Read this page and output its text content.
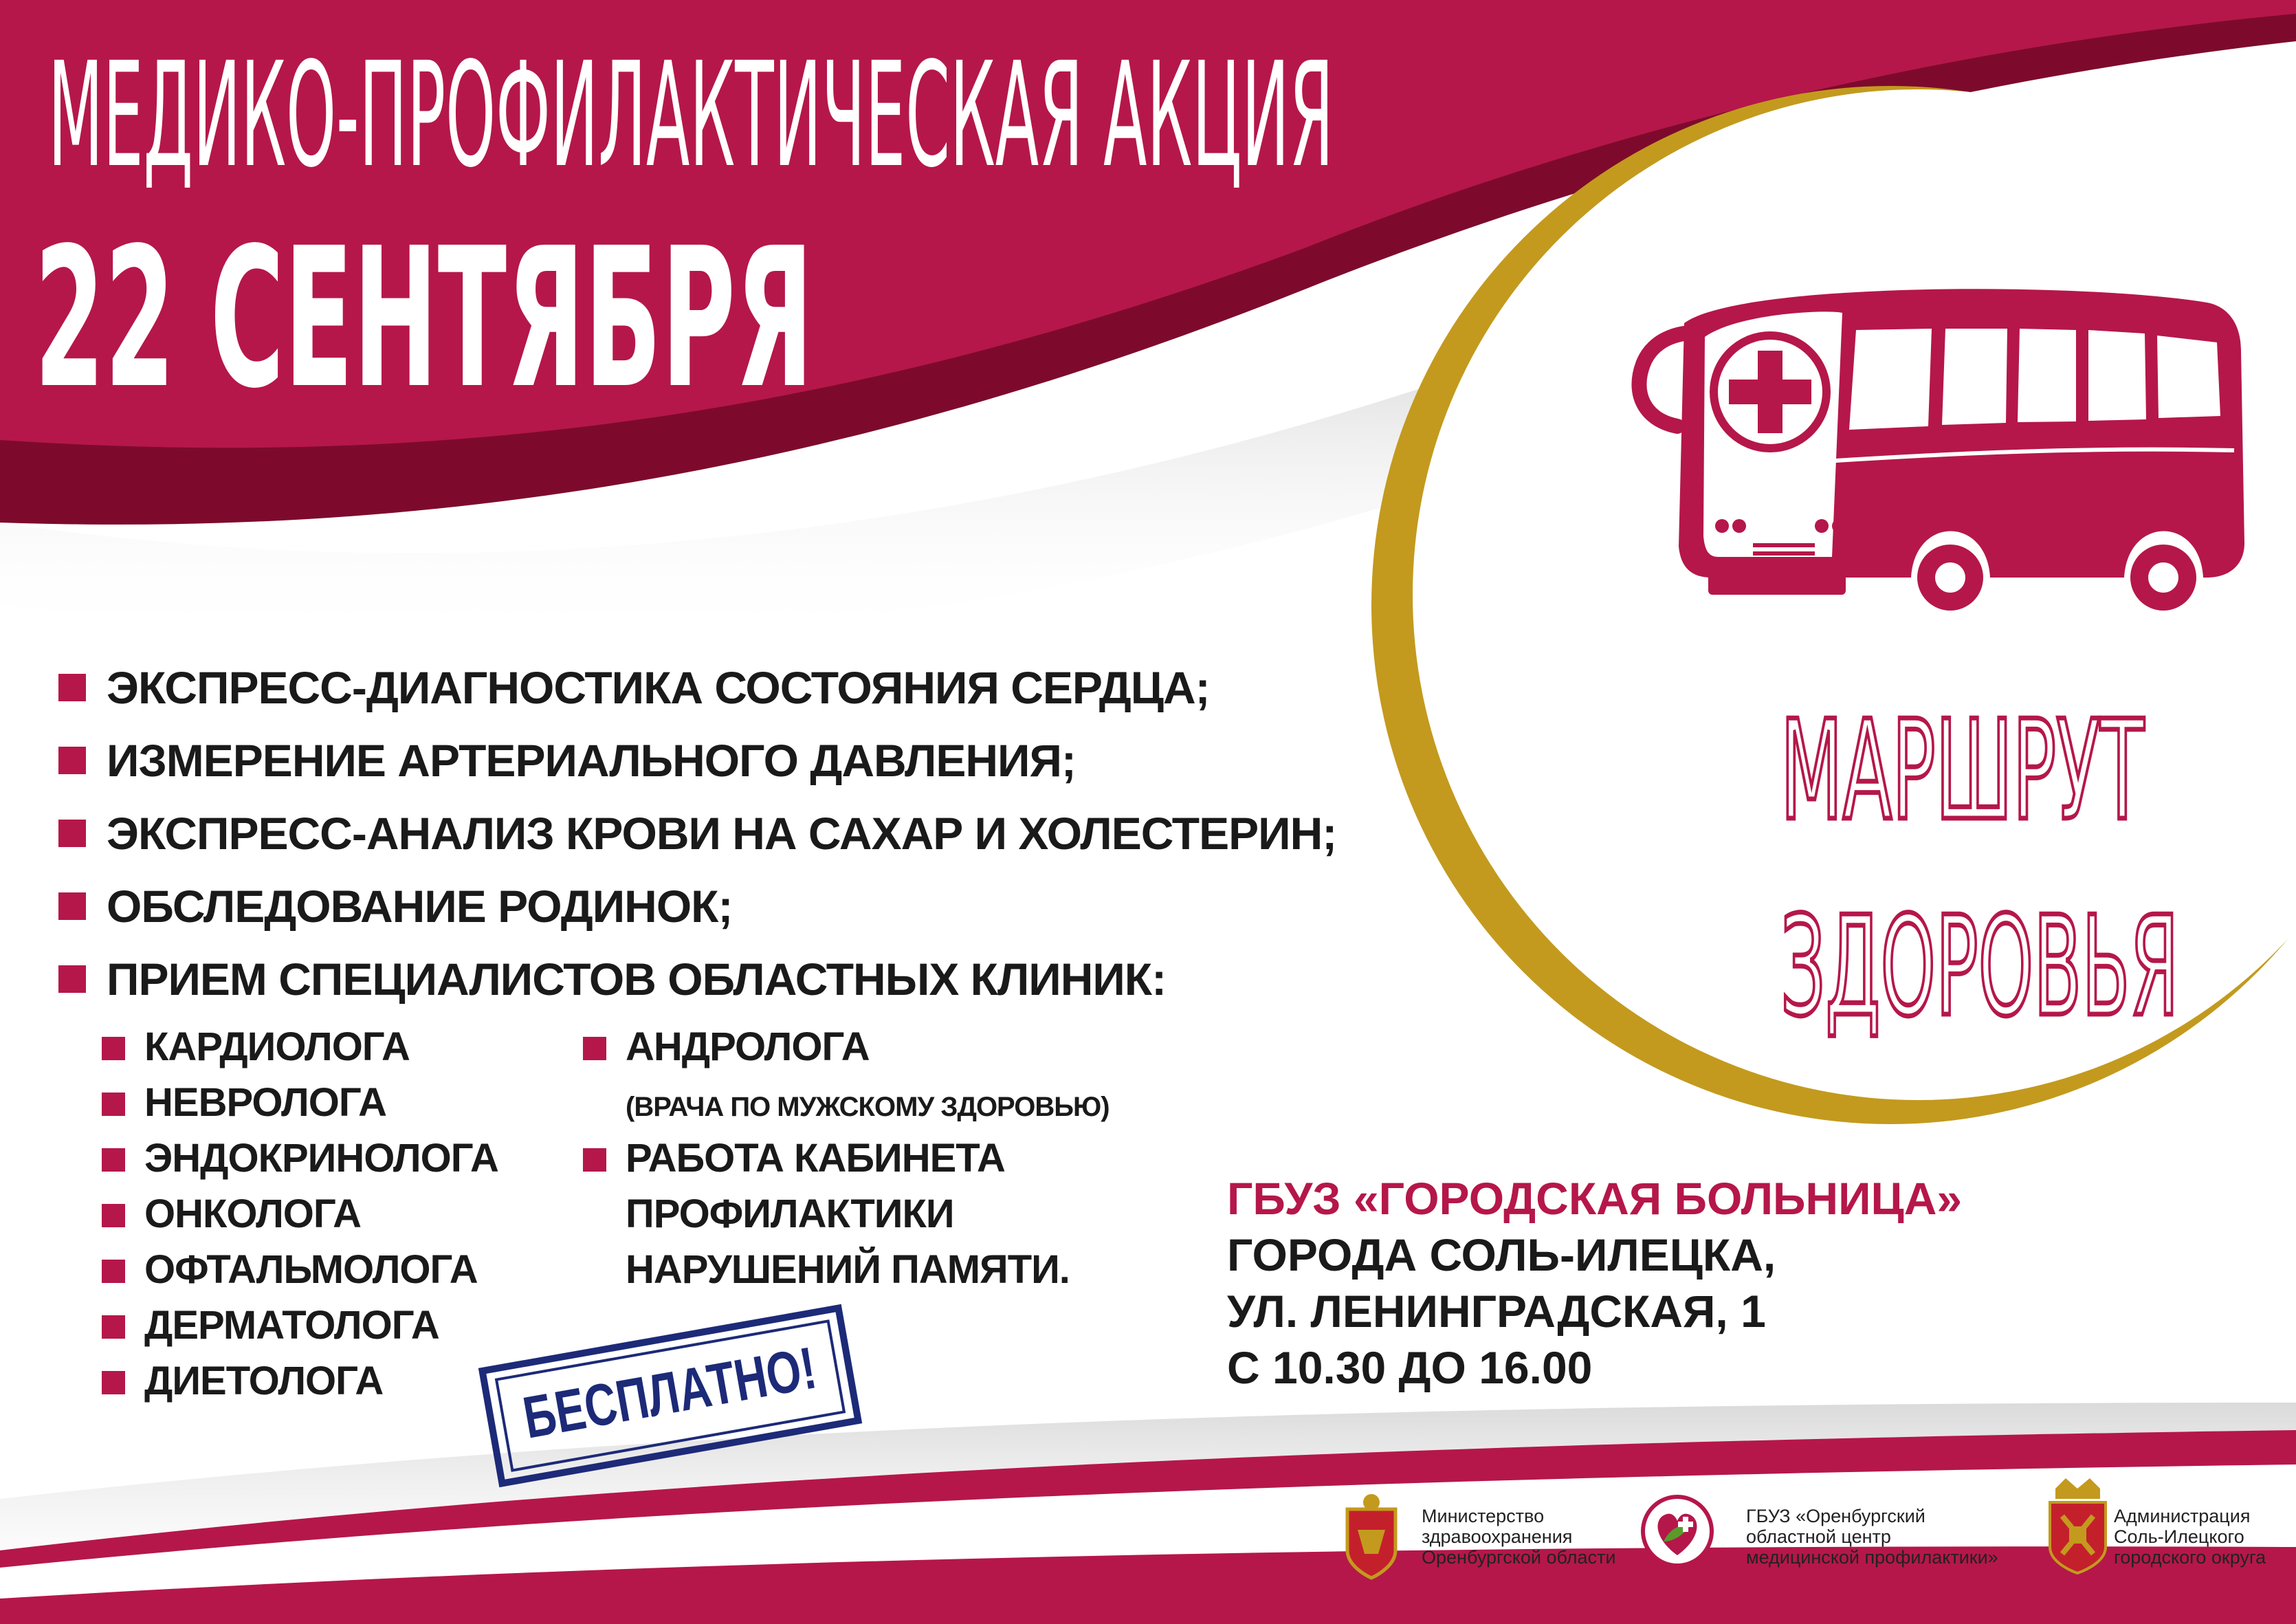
МЕДИКО-ПРОФИЛАКТИЧЕСКАЯ АКЦИЯ
22 СЕНТЯБРЯ
ЭКСПРЕСС-ДИАГНОСТИКА СОСТОЯНИЯ СЕРДЦА;
ИЗМЕРЕНИЕ АРТЕРИАЛЬНОГО ДАВЛЕНИЯ;
ЭКСПРЕСС-АНАЛИЗ КРОВИ НА САХАР И ХОЛЕСТЕРИН;
ОБСЛЕДОВАНИЕ РОДИНОК;
ПРИЕМ СПЕЦИАЛИСТОВ ОБЛАСТНЫХ КЛИНИК:
КАРДИОЛОГА
НЕВРОЛОГА
ЭНДОКРИНОЛОГА
ОНКОЛОГА
ОФТАЛЬМОЛОГА
ДЕРМАТОЛОГА
ДИЕТОЛОГА
АНДРОЛОГА
(ВРАЧА ПО МУЖСКОМУ ЗДОРОВЬЮ)
РАБОТА КАБИНЕТА
ПРОФИЛАКТИКИ
НАРУШЕНИЙ ПАМЯТИ.
БЕСПЛАТНО!
МАРШРУТ
ЗДОРОВЬЯ
ГБУЗ «ГОРОДСКАЯ БОЛЬНИЦА»
ГОРОДА СОЛЬ-ИЛЕЦКА,
УЛ. ЛЕНИНГРАДСКАЯ, 1
С 10.30 ДО 16.00
Министерство
здравоохранения
Оренбургской области
ГБУЗ «Оренбургский
областной центр
медицинской профилактики»
Администрация
Соль-Илецкого
городского округа
